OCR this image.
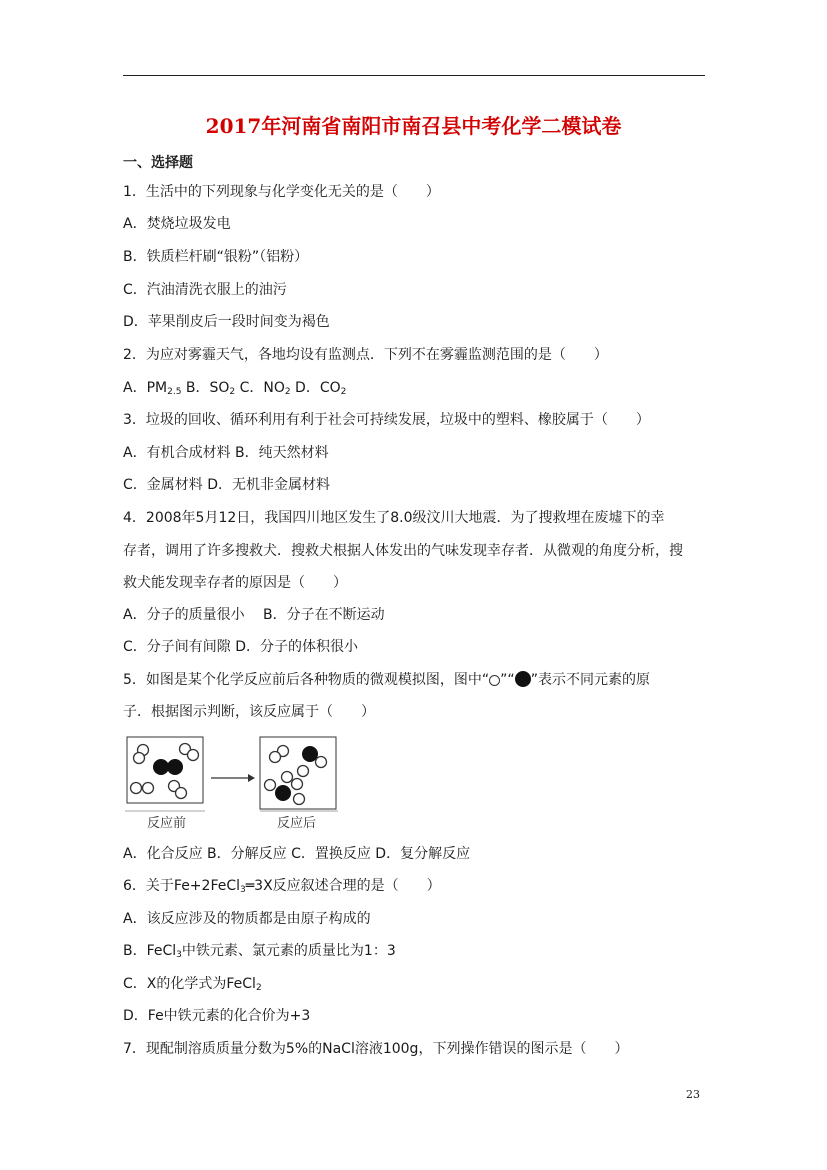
2017年河南省南阳市南召县中考化学二模试卷
一、选择题
1．生活中的下列现象与化学变化无关的是（　　）
A．焚烧垃圾发电
B．铁质栏杆刷“银粉”（铝粉）
C．汽油清洗衣服上的油污
D．苹果削皮后一段时间变为褐色
2．为应对雾霾天气，各地均设有监测点．下列不在雾霾监测范围的是（　　）
A．$PM_{2.5}$ B．$SO_2$ C．$NO_2$ D．$CO_2$
3．垃圾的回收、循环利用有利于社会可持续发展，垃圾中的塑料、橡胶属于（　　）
A．有机合成材料 B．纯天然材料
C．金属材料 D．无机非金属材料
4．2008年5月12日，我国四川地区发生了8.0级汶川大地震．为了搜救埋在废墟下的幸
存者，调用了许多搜救犬．搜救犬根据人体发出的气味发现幸存者．从微观的角度分析，搜
救犬能发现幸存者的原因是（　　）
A．分子的质量很小　 B．分子在不断运动
C．分子间有间隙 D．分子的体积很小
5．如图是某个化学反应前后各种物质的微观模拟图，图中“ ”“ ”表示不同元素的原
子．根据图示判断，该反应属于（　　）
反应前	反应后
A．化合反应 B．分解反应 C．置换反应 D．复分解反应
6．关于Fe+2FeCl$_3$═3X反应叙述合理的是（　　）
A．该反应涉及的物质都是由原子构成的
B．FeCl$_3$中铁元素、氯元素的质量比为1：3
C．X的化学式为FeCl$_2$
D．Fe中铁元素的化合价为+3
7．现配制溶质质量分数为5%的NaCl溶液100g，下列操作错误的图示是（　　）
23
